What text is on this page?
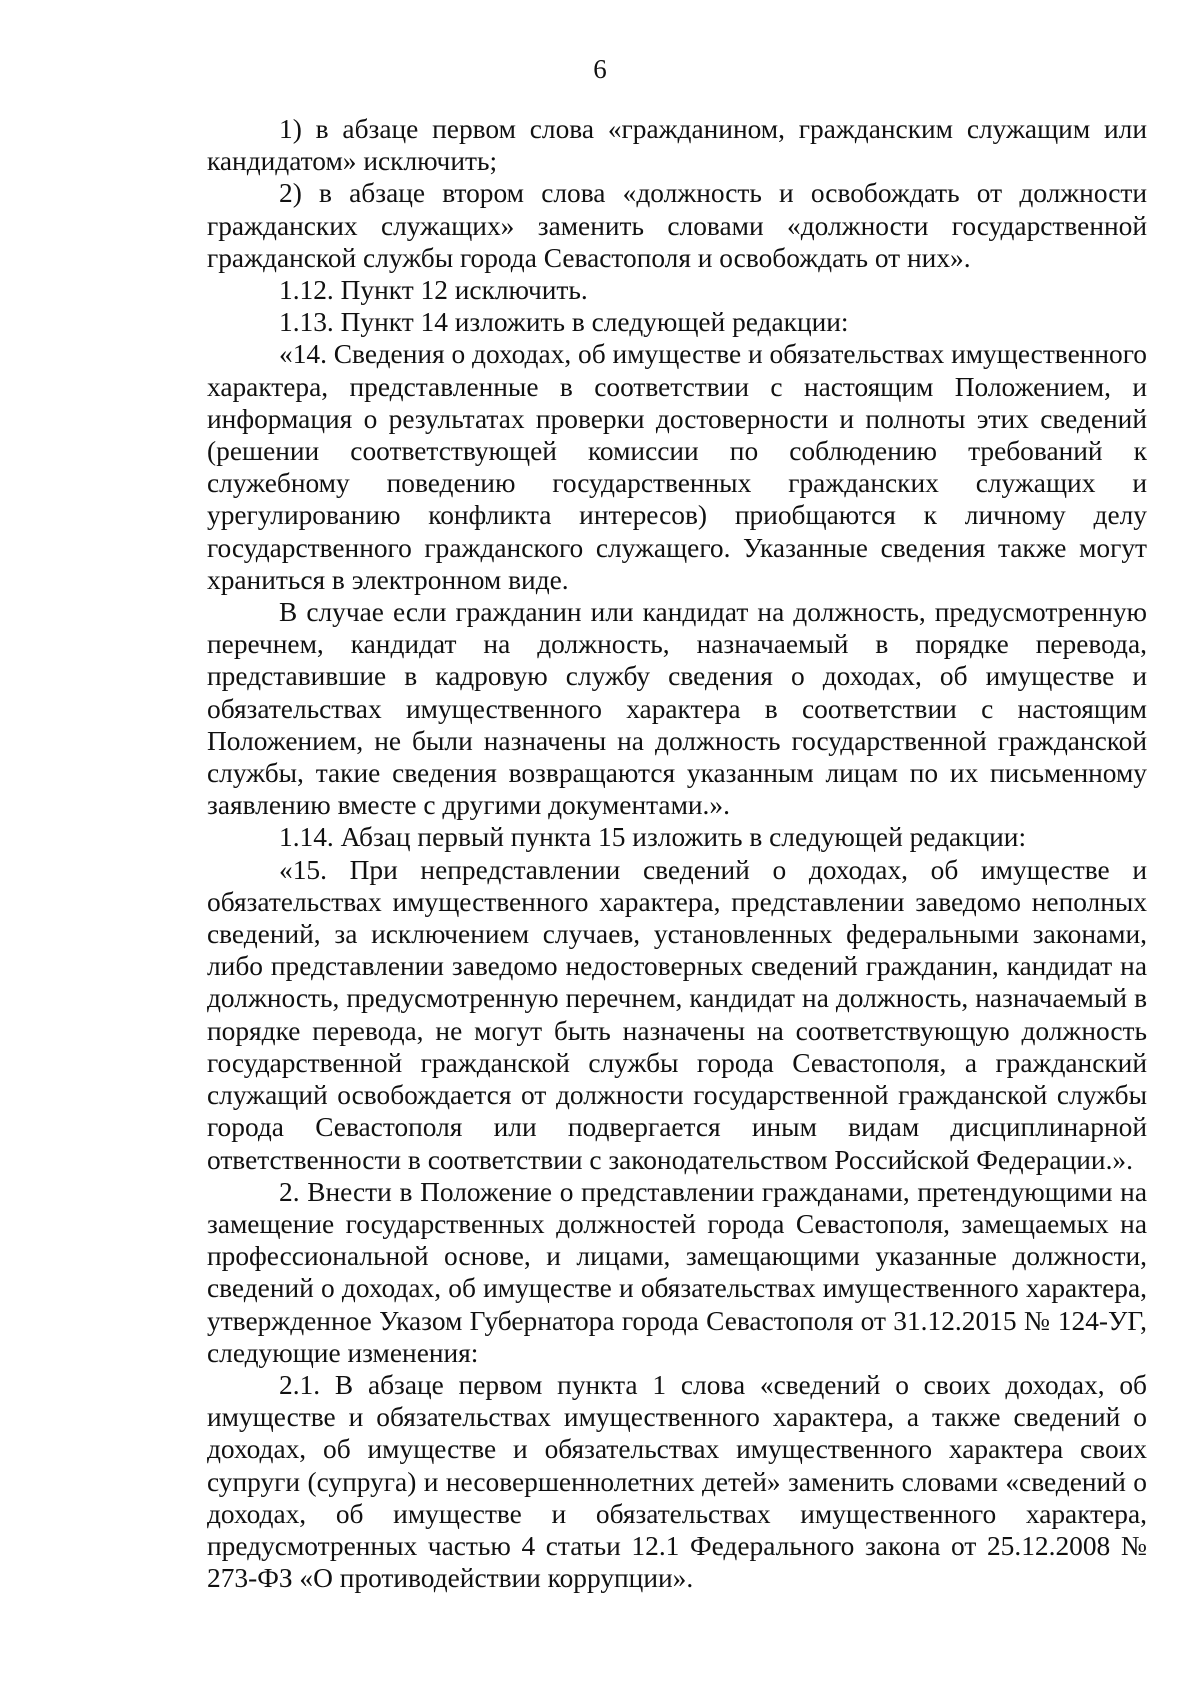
6

1) в абзаце первом слова «гражданином, гражданским служащим или кандидатом» исключить;

2) в абзаце втором слова «должность и освобождать от должности гражданских служащих» заменить словами «должности государственной гражданской службы города Севастополя и освобождать от них».

1.12. Пункт 12 исключить.

1.13. Пункт 14 изложить в следующей редакции:

«14. Сведения о доходах, об имуществе и обязательствах имущественного характера, представленные в соответствии с настоящим Положением, и информация о результатах проверки достоверности и полноты этих сведений (решении соответствующей комиссии по соблюдению требований к служебному поведению государственных гражданских служащих и урегулированию конфликта интересов) приобщаются к личному делу государственного гражданского служащего. Указанные сведения также могут храниться в электронном виде.

В случае если гражданин или кандидат на должность, предусмотренную перечнем, кандидат на должность, назначаемый в порядке перевода, представившие в кадровую службу сведения о доходах, об имуществе и обязательствах имущественного характера в соответствии с настоящим Положением, не были назначены на должность государственной гражданской службы, такие сведения возвращаются указанным лицам по их письменному заявлению вместе с другими документами.».

1.14. Абзац первый пункта 15 изложить в следующей редакции:

«15. При непредставлении сведений о доходах, об имуществе и обязательствах имущественного характера, представлении заведомо неполных сведений, за исключением случаев, установленных федеральными законами, либо представлении заведомо недостоверных сведений гражданин, кандидат на должность, предусмотренную перечнем, кандидат на должность, назначаемый в порядке перевода, не могут быть назначены на соответствующую должность государственной гражданской службы города Севастополя, а гражданский служащий освобождается от должности государственной гражданской службы города Севастополя или подвергается иным видам дисциплинарной ответственности в соответствии с законодательством Российской Федерации.».

2. Внести в Положение о представлении гражданами, претендующими на замещение государственных должностей города Севастополя, замещаемых на профессиональной основе, и лицами, замещающими указанные должности, сведений о доходах, об имуществе и обязательствах имущественного характера, утвержденное Указом Губернатора города Севастополя от 31.12.2015 № 124-УГ, следующие изменения:

2.1. В абзаце первом пункта 1 слова «сведений о своих доходах, об имуществе и обязательствах имущественного характера, а также сведений о доходах, об имуществе и обязательствах имущественного характера своих супруги (супруга) и несовершеннолетних детей» заменить словами «сведений о доходах, об имуществе и обязательствах имущественного характера, предусмотренных частью 4 статьи 12.1 Федерального закона от 25.12.2008 № 273-ФЗ «О противодействии коррупции».
